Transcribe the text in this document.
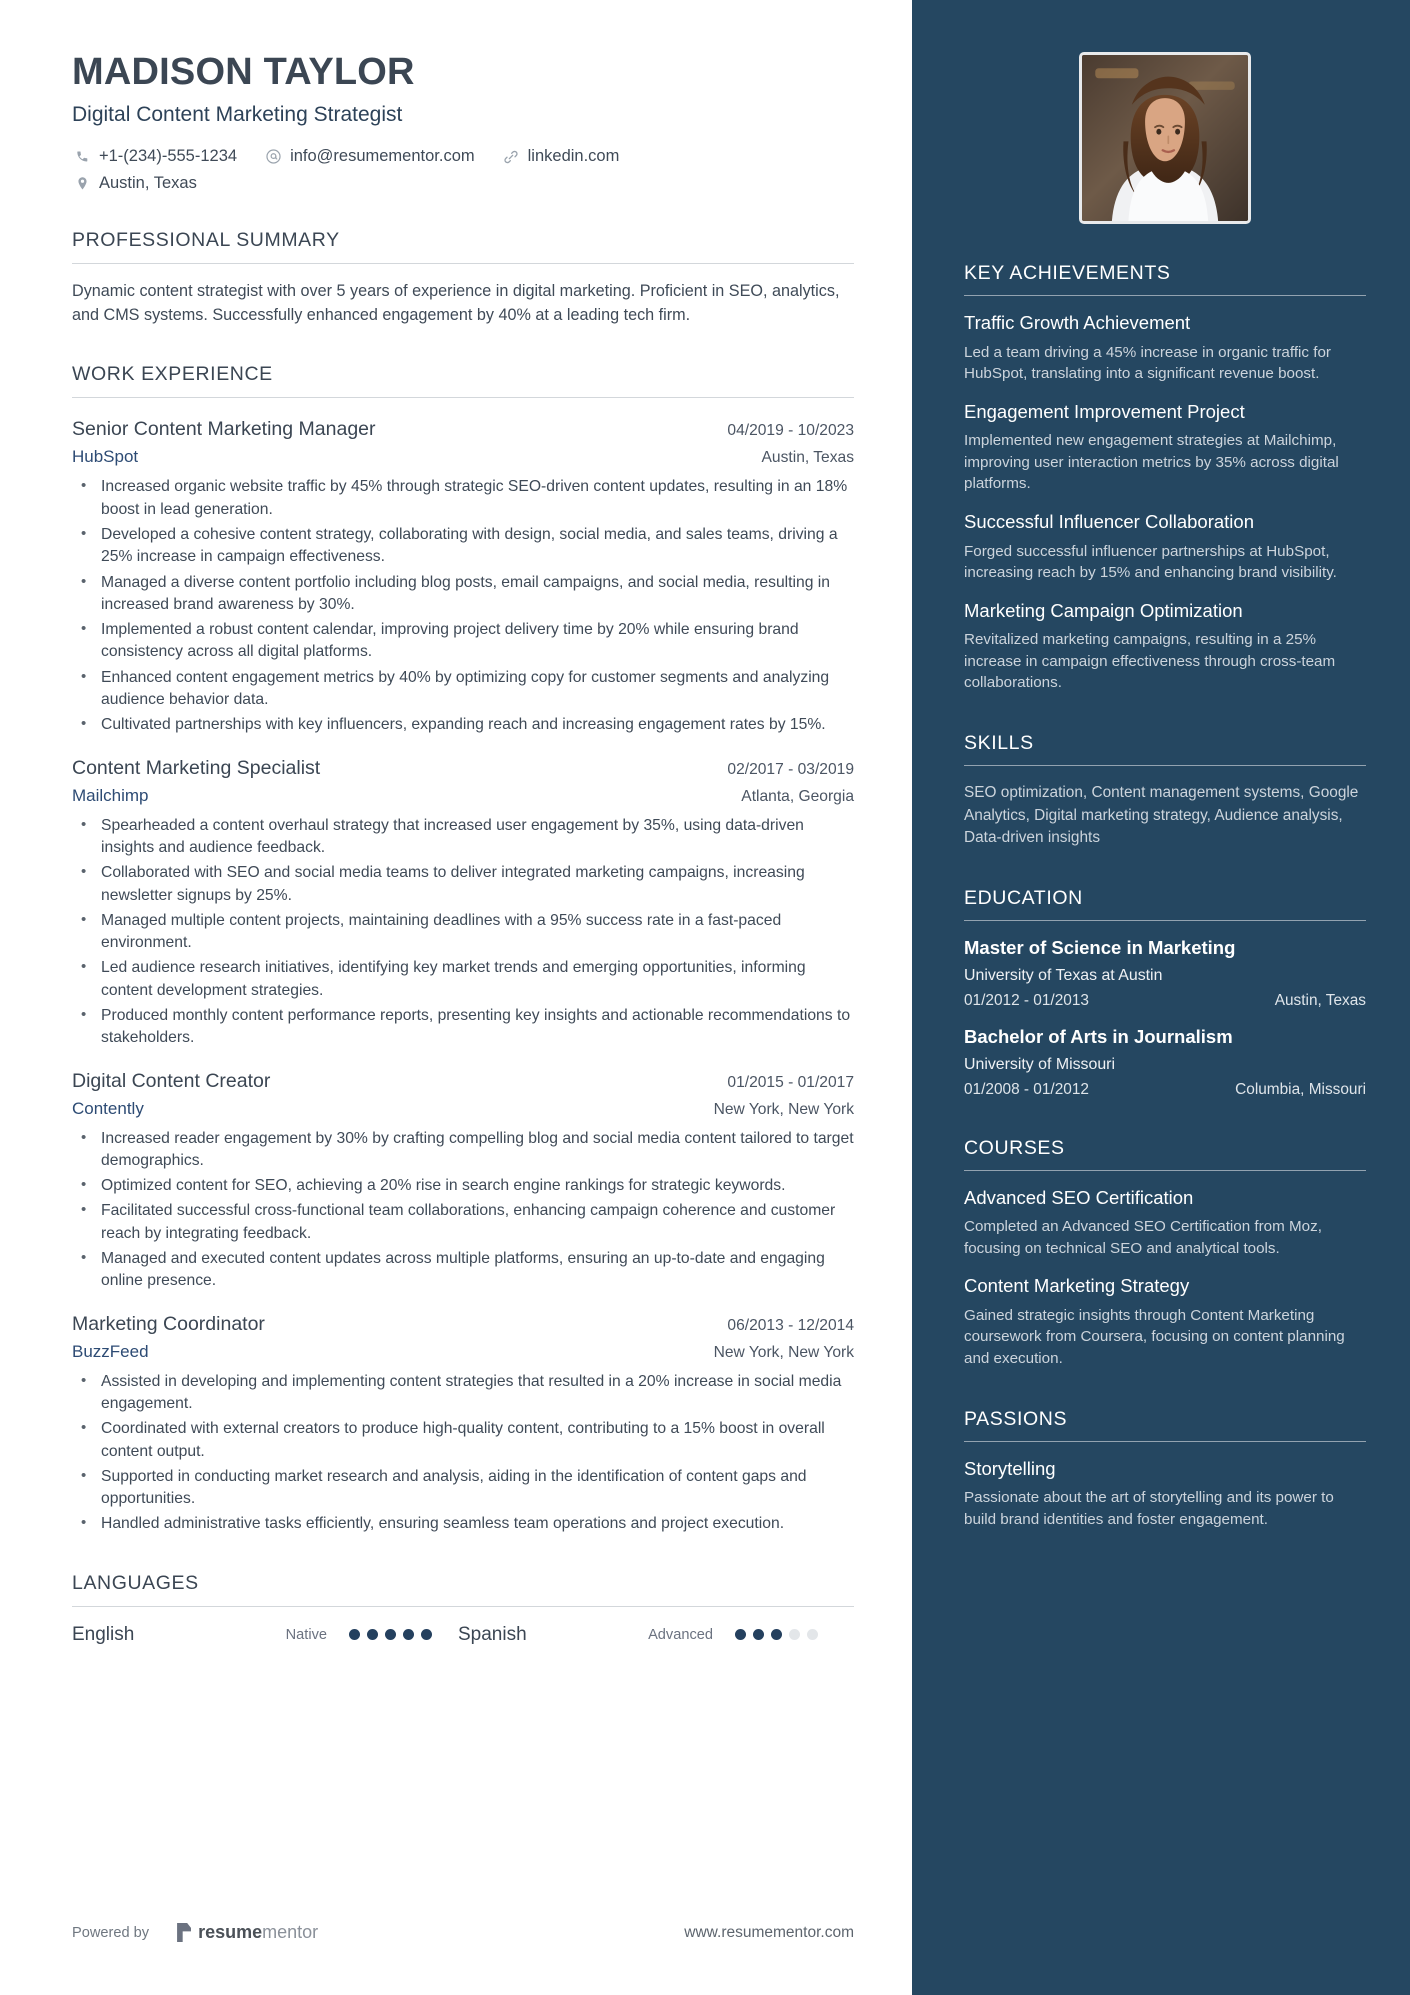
MADISON TAYLOR
Digital Content Marketing Strategist
+1-(234)-555-1234	info@resumementor.com	linkedin.com
Austin, Texas
PROFESSIONAL SUMMARY
Dynamic content strategist with over 5 years of experience in digital marketing. Proficient in SEO, analytics, and CMS systems. Successfully enhanced engagement by 40% at a leading tech firm.
WORK EXPERIENCE
Senior Content Marketing Manager	04/2019 - 10/2023
HubSpot	Austin, Texas
• Increased organic website traffic by 45% through strategic SEO-driven content updates, resulting in an 18% boost in lead generation.
• Developed a cohesive content strategy, collaborating with design, social media, and sales teams, driving a 25% increase in campaign effectiveness.
• Managed a diverse content portfolio including blog posts, email campaigns, and social media, resulting in increased brand awareness by 30%.
• Implemented a robust content calendar, improving project delivery time by 20% while ensuring brand consistency across all digital platforms.
• Enhanced content engagement metrics by 40% by optimizing copy for customer segments and analyzing audience behavior data.
• Cultivated partnerships with key influencers, expanding reach and increasing engagement rates by 15%.
Content Marketing Specialist	02/2017 - 03/2019
Mailchimp	Atlanta, Georgia
• Spearheaded a content overhaul strategy that increased user engagement by 35%, using data-driven insights and audience feedback.
• Collaborated with SEO and social media teams to deliver integrated marketing campaigns, increasing newsletter signups by 25%.
• Managed multiple content projects, maintaining deadlines with a 95% success rate in a fast-paced environment.
• Led audience research initiatives, identifying key market trends and emerging opportunities, informing content development strategies.
• Produced monthly content performance reports, presenting key insights and actionable recommendations to stakeholders.
Digital Content Creator	01/2015 - 01/2017
Contently	New York, New York
• Increased reader engagement by 30% by crafting compelling blog and social media content tailored to target demographics.
• Optimized content for SEO, achieving a 20% rise in search engine rankings for strategic keywords.
• Facilitated successful cross-functional team collaborations, enhancing campaign coherence and customer reach by integrating feedback.
• Managed and executed content updates across multiple platforms, ensuring an up-to-date and engaging online presence.
Marketing Coordinator	06/2013 - 12/2014
BuzzFeed	New York, New York
• Assisted in developing and implementing content strategies that resulted in a 20% increase in social media engagement.
• Coordinated with external creators to produce high-quality content, contributing to a 15% boost in overall content output.
• Supported in conducting market research and analysis, aiding in the identification of content gaps and opportunities.
• Handled administrative tasks efficiently, ensuring seamless team operations and project execution.
LANGUAGES
English	Native	Spanish	Advanced
Powered by	resume mentor	www.resumementor.com
KEY ACHIEVEMENTS
Traffic Growth Achievement
Led a team driving a 45% increase in organic traffic for HubSpot, translating into a significant revenue boost.
Engagement Improvement Project
Implemented new engagement strategies at Mailchimp, improving user interaction metrics by 35% across digital platforms.
Successful Influencer Collaboration
Forged successful influencer partnerships at HubSpot, increasing reach by 15% and enhancing brand visibility.
Marketing Campaign Optimization
Revitalized marketing campaigns, resulting in a 25% increase in campaign effectiveness through cross-team collaborations.
SKILLS
SEO optimization, Content management systems, Google Analytics, Digital marketing strategy, Audience analysis, Data-driven insights
EDUCATION
Master of Science in Marketing
University of Texas at Austin
01/2012 - 01/2013	Austin, Texas
Bachelor of Arts in Journalism
University of Missouri
01/2008 - 01/2012	Columbia, Missouri
COURSES
Advanced SEO Certification
Completed an Advanced SEO Certification from Moz, focusing on technical SEO and analytical tools.
Content Marketing Strategy
Gained strategic insights through Content Marketing coursework from Coursera, focusing on content planning and execution.
PASSIONS
Storytelling
Passionate about the art of storytelling and its power to build brand identities and foster engagement.
